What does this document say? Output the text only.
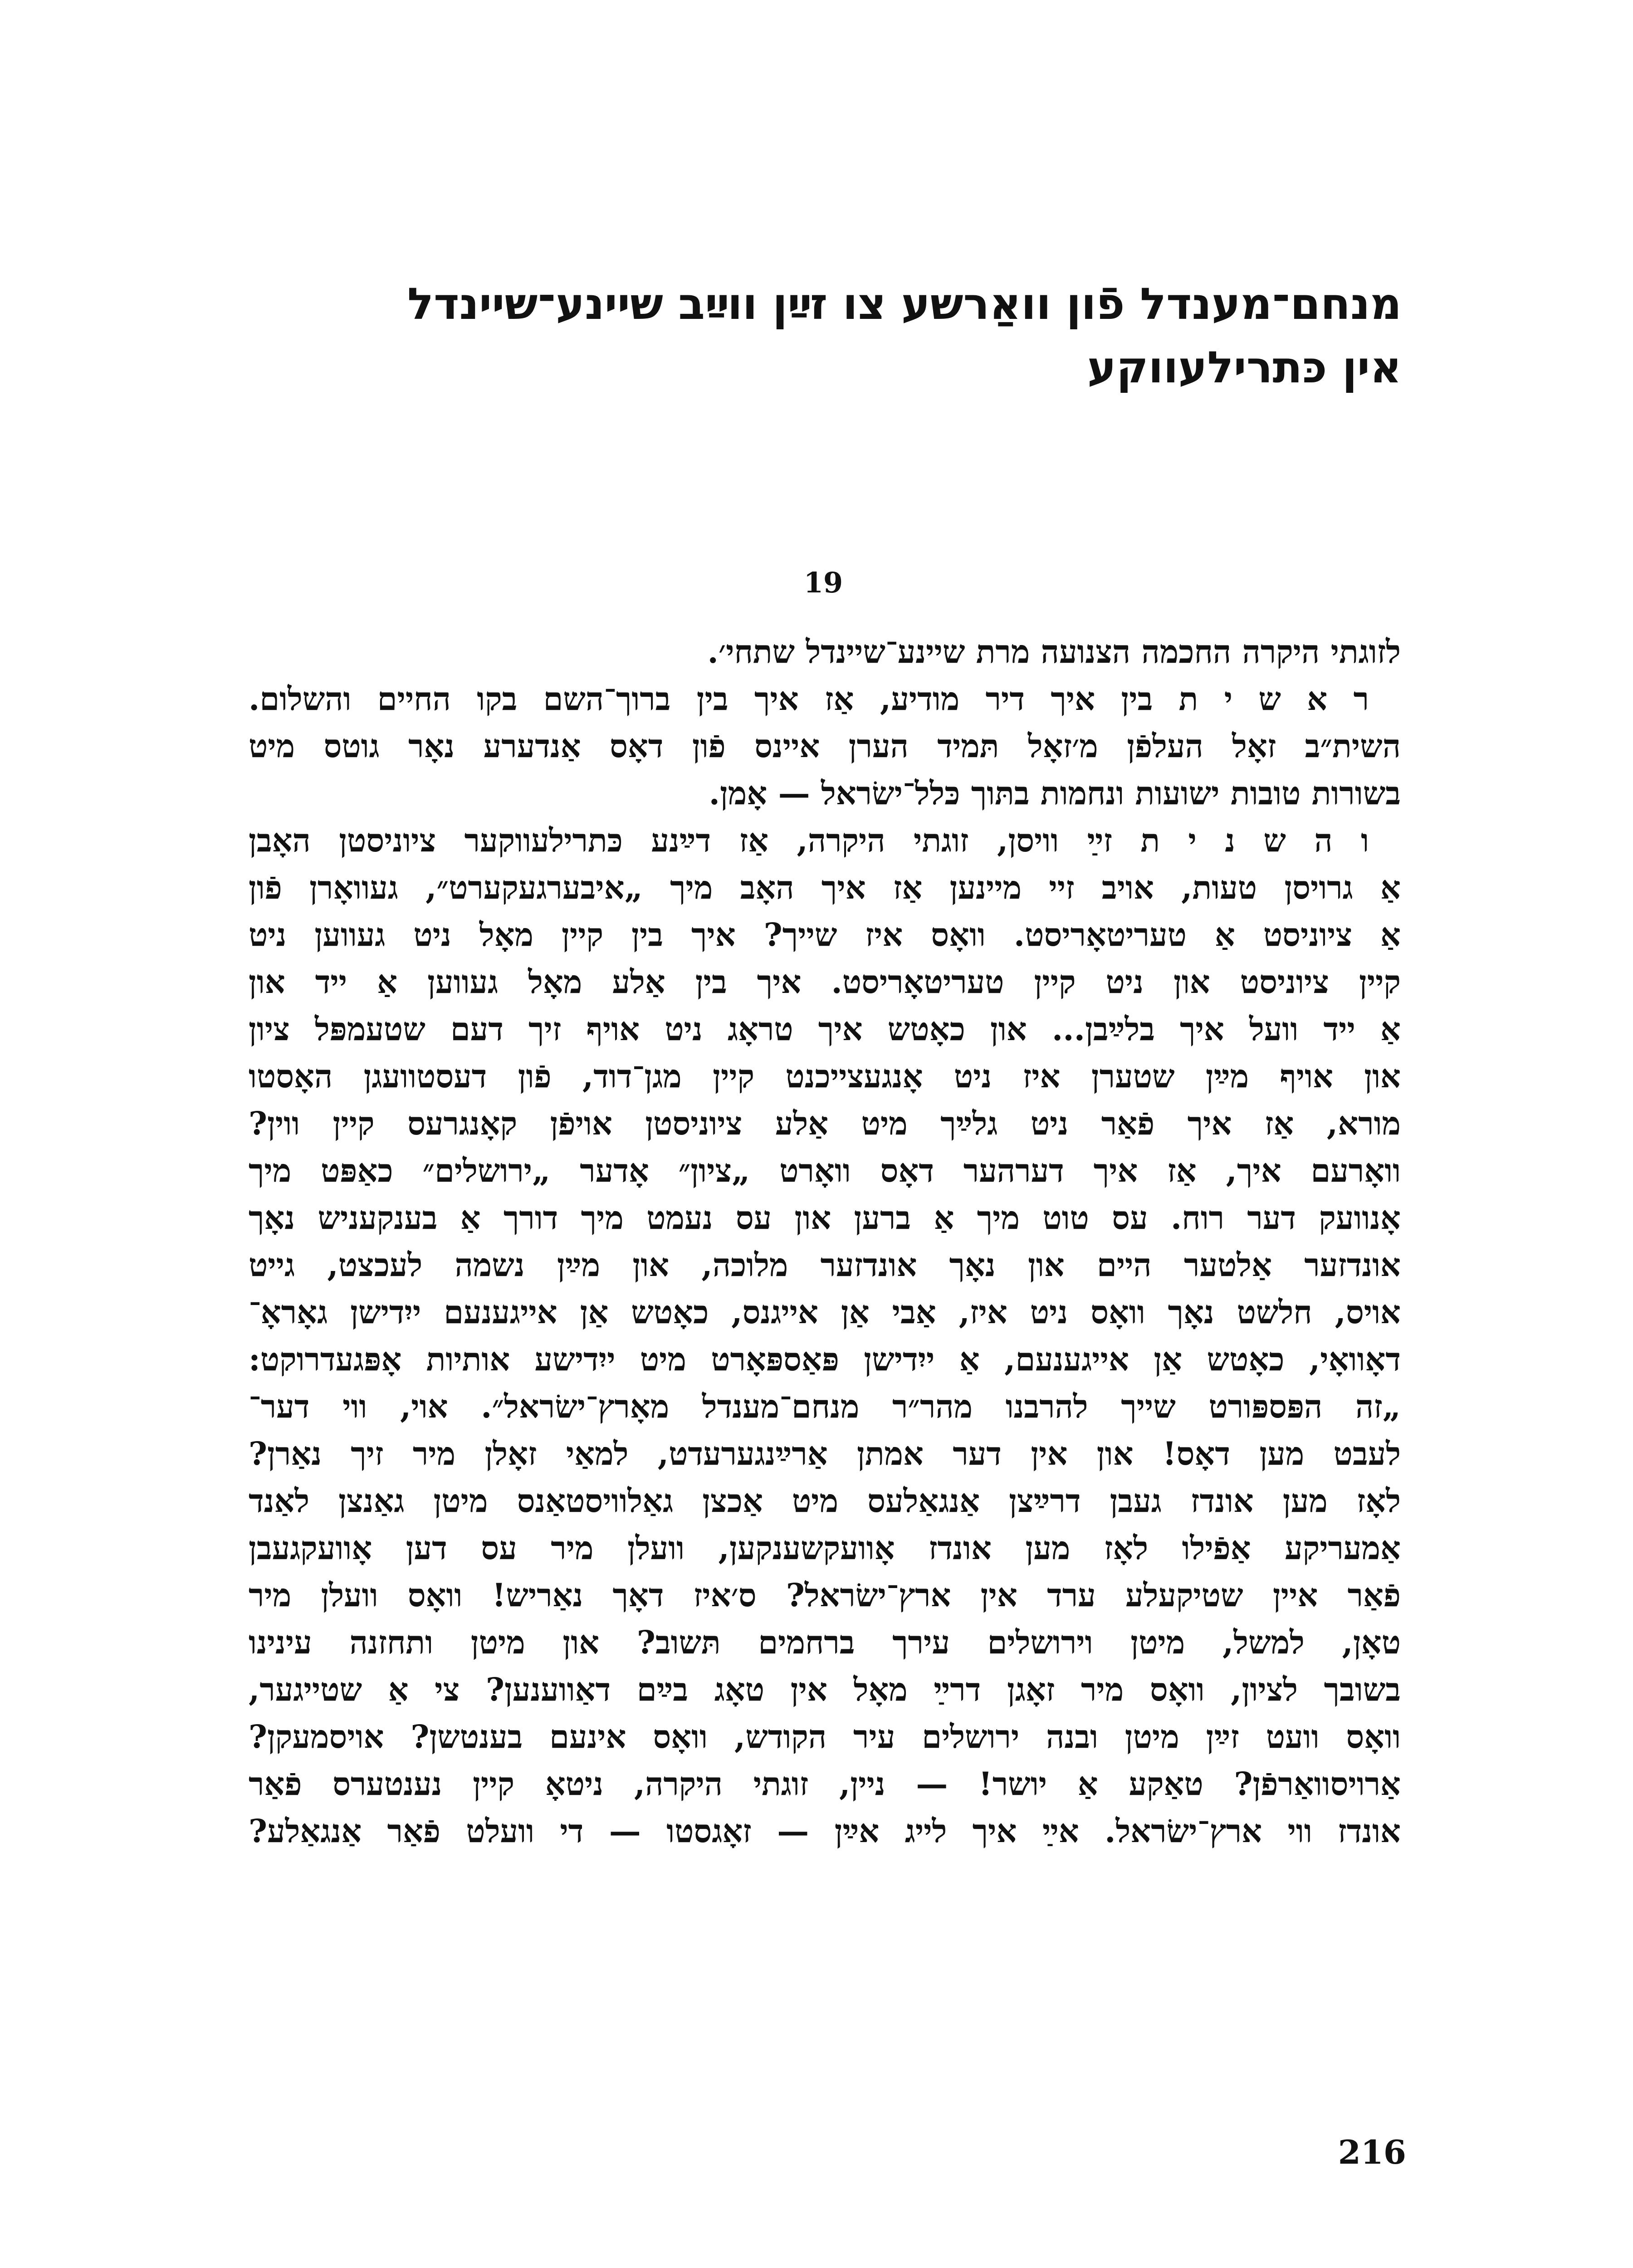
מנחם־מענדל פֿון וואַרשע צו זײַן ווײַב שיינע־שיינדל
אין כּתרילעווקע
19
לזוגתי היקרה החכמה הצנועה מרת שיינע־שיינדל שתחי׳.
ר א ש י ת בין איך דיר מודיע, אַז איך בין ברוך־השם בקו החיים והשלום.
השית״ב זאָל העלפֿן מ׳זאָל תּמיד הערן איינס פֿון דאָס אַנדערע נאָר גוטס מיט
בשורות טובות ישועות ונחמות בתּוך כּלל־ישׂראל — אָמן.
ו ה ש נ י ת זײַ וויסן, זוגתי היקרה, אַז דײַנע כּתרילעווקער ציוניסטן האָבן
אַ גרויסן טעות, אויב זיי מיינען אַז איך האָב מיך „איבערגעקערט״, געוואָרן פֿון
אַ ציוניסט אַ טעריטאָריסט. וואָס איז שייך? איך בין קיין מאָל ניט געווען ניט
קיין ציוניסט און ניט קיין טעריטאָריסט. איך בין אַלע מאָל געווען אַ ייד און
אַ ייד וועל איך בלײַבן... און כאָטש איך טראָג ניט אויף זיך דעם שטעמפּל ציון
און אויף מײַן שטערן איז ניט אָנגעצייכנט קיין מגן־דוד, פֿון דעסטוועגן האָסטו
מורא, אַז איך פֿאַר ניט גלײַך מיט אַלע ציוניסטן אויפֿן קאָנגרעס קיין ווין?
וואָרעם איך, אַז איך דערהער דאָס וואָרט „ציון״ אָדער „ירושלים״ כאַפּט מיך
אָנוועק דער רוח. עס טוט מיך אַ ברען און עס נעמט מיך דורך אַ בענקעניש נאָך
אונדזער אַלטער היים און נאָך אונדזער מלוכה, און מײַן נשמה לעכצט, גייט
אויס, חלשט נאָך וואָס ניט איז, אַבי אַן אייגנס, כאָטש אַן אייגענעם ייִדישן גאָראָ־
דאָוואָי, כאָטש אַן אייגענעם, אַ ייִדישן פּאַספּאָרט מיט ייִדישע אותיות אָפּגעדרוקט:
„זה הפּספּורט שייך להרבנו מהר״ר מנחם־מענדל מאָרץ־ישׂראל״. אוי, ווי דער־
לעבט מען דאָס! און אין דער אמתן אַרײַנגערעדט, למאַי זאָלן מיר זיך נאַרן?
לאָז מען אונדז געבן דרײַצן אַנגאַלעס מיט אַכצן גאַלוויסטאַנס מיטן גאַנצן לאַנד
אַמעריקע אַפֿילו לאָז מען אונדז אָוועקשענקען, וועלן מיר עס דען אָוועקגעבן
פֿאַר איין שטיקעלע ערד אין ארץ־ישׂראל? ס׳איז דאָך נאַריש! וואָס וועלן מיר
טאָן, למשל, מיטן וירושלים עירך ברחמים תּשוב? און מיטן ותחזנה עינינו
בשובך לציון, וואָס מיר זאָגן דרײַ מאָל אין טאָג בײַם דאַווענען? צי אַ שטייגער,
וואָס וועט זײַן מיטן ובנה ירושלים עיר הקודש, וואָס אינעם בענטשן? אויסמעקן?
אַרויסוואַרפֿן? טאַקע אַ יושר! — ניין, זוגתי היקרה, ניטאָ קיין נענטערס פֿאַר
אונדז ווי ארץ־ישׂראל. אײַ איך לייג אײַן — זאָגסטו — די וועלט פֿאַר אַנגאַלע?
216
